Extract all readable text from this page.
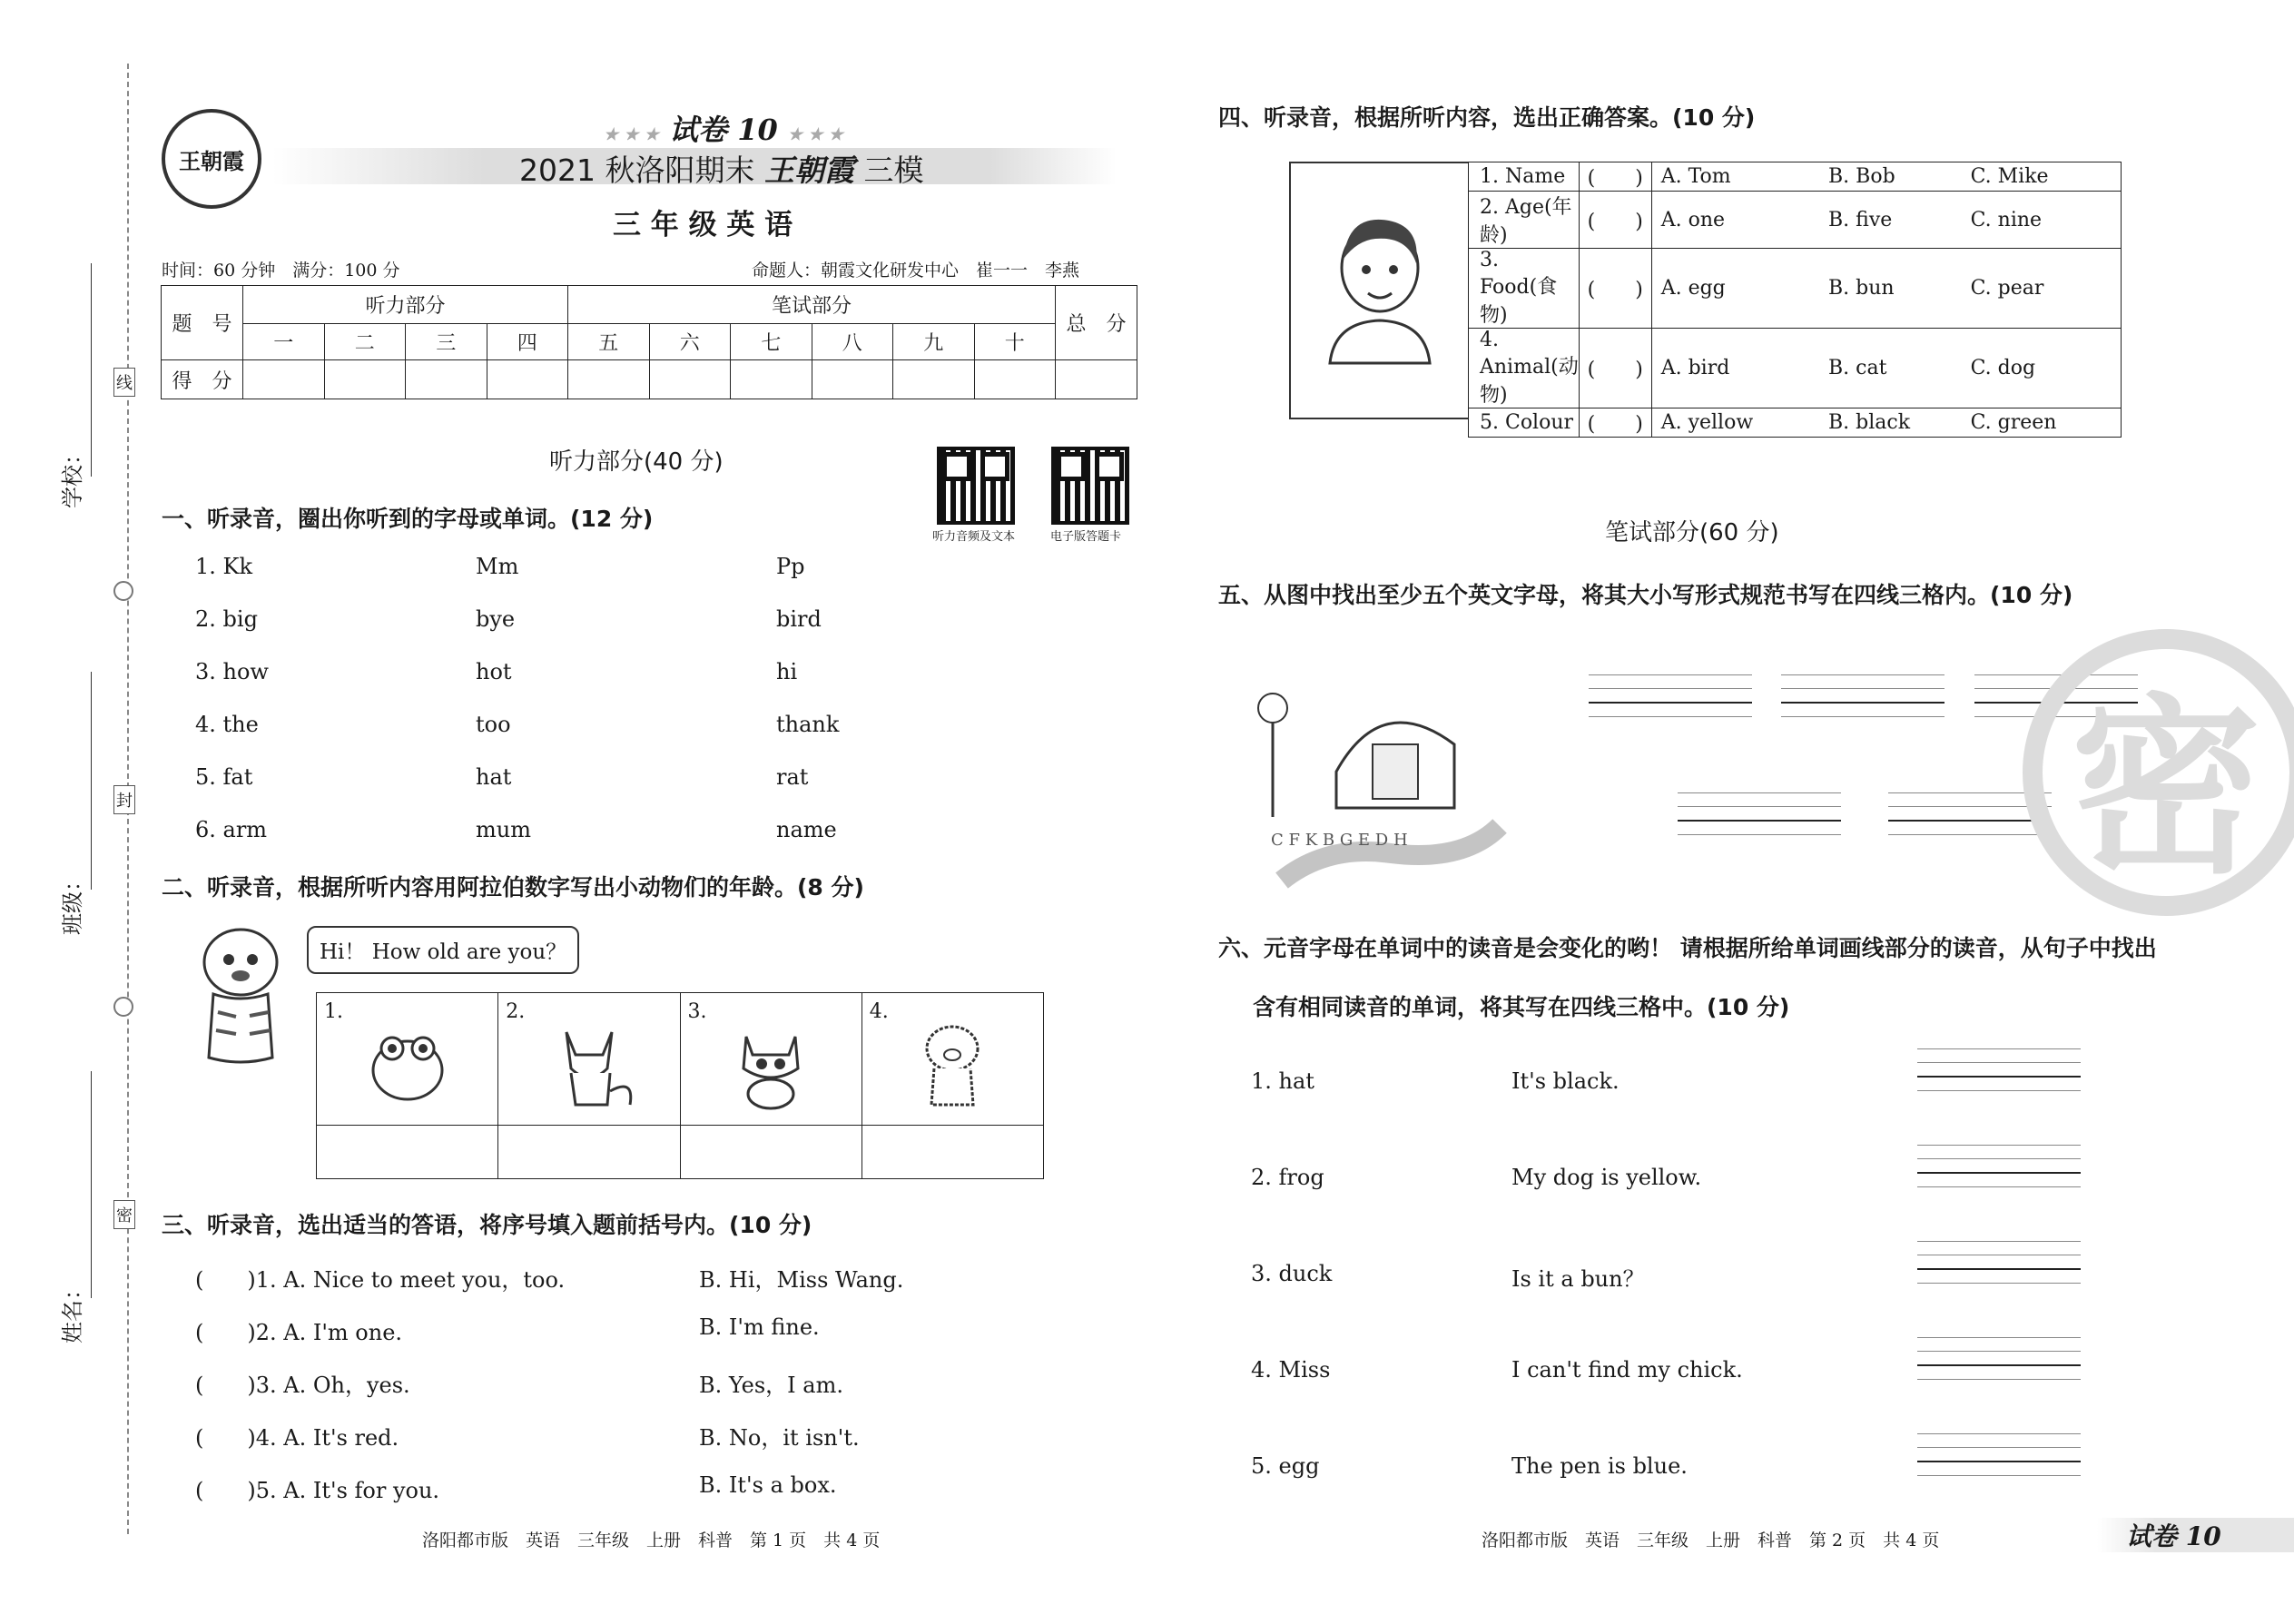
学校：
班级：
姓名：
线
封
密
王朝霞
★ ★ ★ 试卷 10 ★ ★ ★
2021 秋洛阳期末 王朝霞 三模
三 年 级 英 语
时间：60 分钟　满分：100 分	命题人：朝霞文化研发中心　崔一一　李燕
题　号	听力部分				笔试部分						总　分
	一	二	三	四	五	六	七	八	九	十	
得　分											
听力部分(40 分)
听力音频及文本	电子版答题卡
一、听录音，圈出你听到的字母或单词。(12 分)
1. Kk	Mm	Pp
2. big	bye	bird
3. how	hot	hi
4. the	too	thank
5. fat	hat	rat
6. arm	mum	name
二、听录音，根据所听内容用阿拉伯数字写出小动物们的年龄。(8 分)
Hi！ How old are you？
1.	2.	3.	4.

三、听录音，选出适当的答语，将序号填入题前括号内。(10 分)
(　　)1. A. Nice to meet you，too.	B. Hi，Miss Wang.
(　　)2. A. I'm one.	B. I'm fine.
(　　)3. A. Oh，yes.	B. Yes，I am.
(　　)4. A. It's red.	B. No，it isn't.
(　　)5. A. It's for you.	B. It's a box.
洛阳都市版　英语　三年级　上册　科普　第 1 页　共 4 页
四、听录音，根据所听内容，选出正确答案。(10 分)
1. Name	(　　)	A. Tom	B. Bob	C. Mike
2. Age(年龄)	(　　)	A. one	B. five	C. nine
3. Food(食物)	(　　)	A. egg	B. bun	C. pear
4. Animal(动物)	(　　)	A. bird	B. cat	C. dog
5. Colour	(　　)	A. yellow	B. black	C. green
笔试部分(60 分)
五、从图中找出至少五个英文字母，将其大小写形式规范书写在四线三格内。(10 分)
C F K B G E D H	密
六、元音字母在单词中的读音是会变化的哟！ 请根据所给单词画线部分的读音，从句子中找出
含有相同读音的单词，将其写在四线三格中。(10 分)
1. hat	It's black.
2. frog	My dog is yellow.
3. duck	Is it a bun？
4. Miss	I can't find my chick.
5. egg	The pen is blue.
洛阳都市版　英语　三年级　上册　科普　第 2 页　共 4 页	试卷 10
